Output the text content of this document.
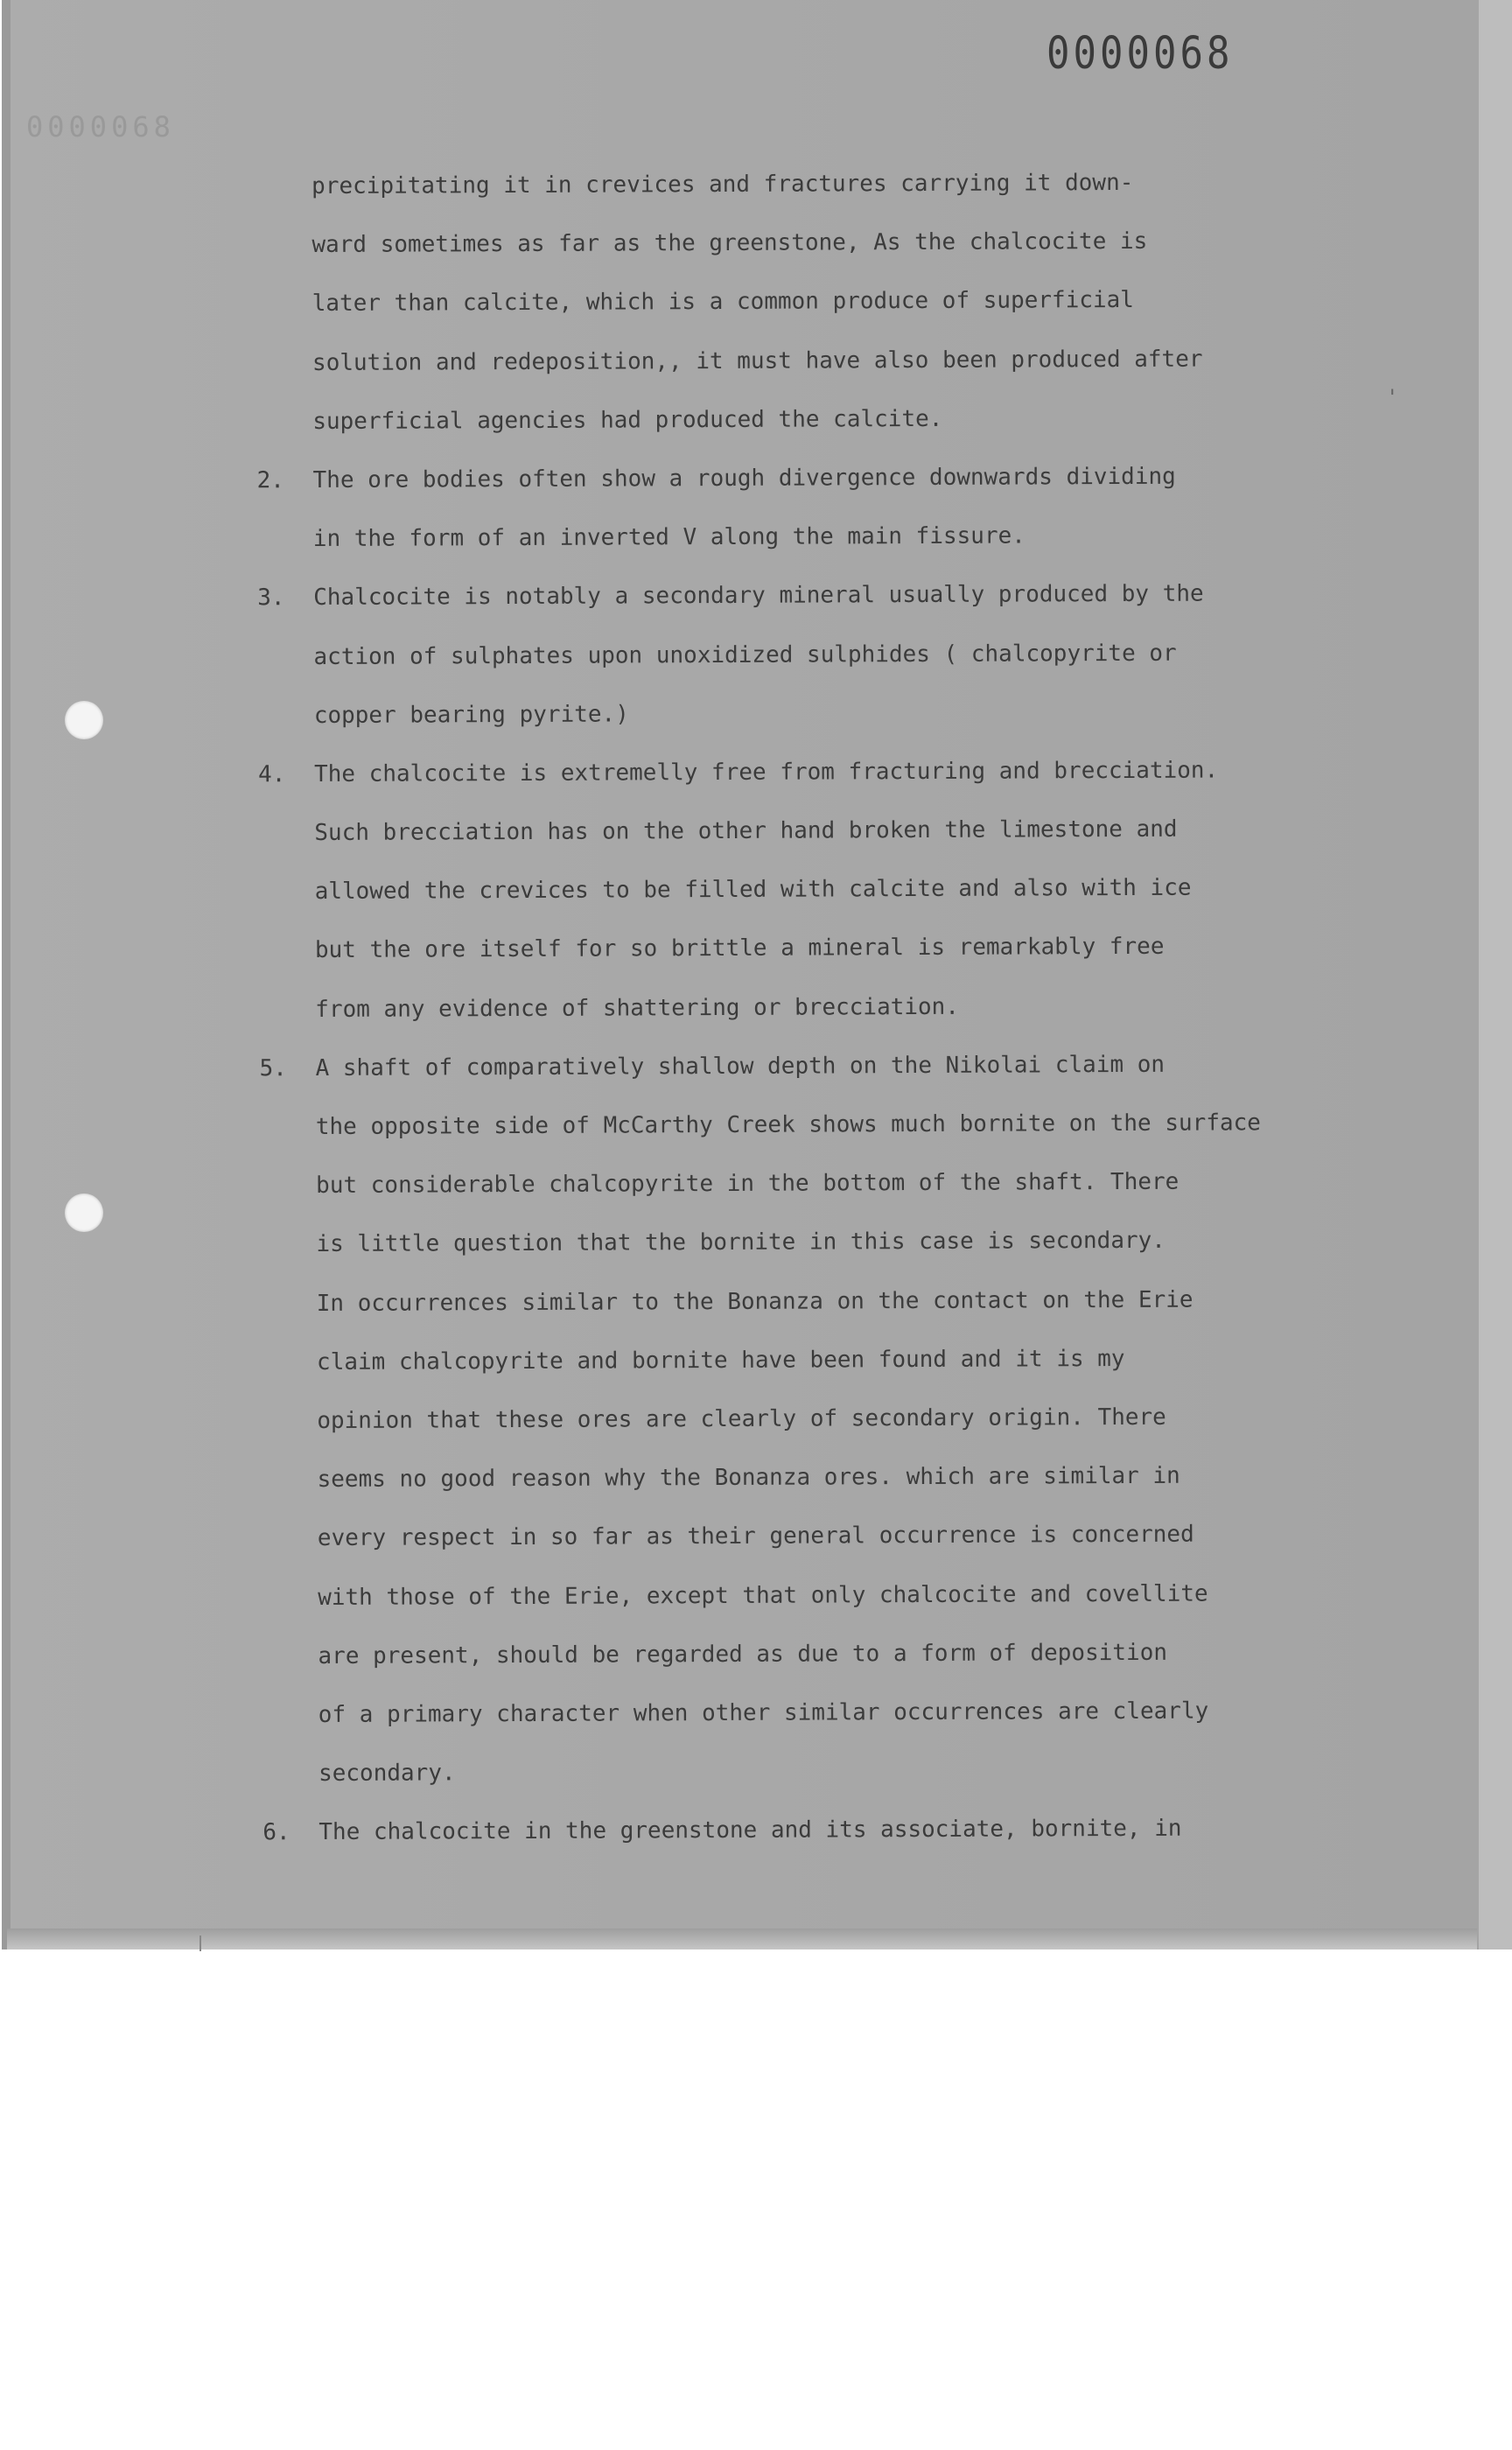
0000068
0000068
'
precipitating it in crevices and fractures carrying it down-
ward sometimes as far as the greenstone, As the chalcocite is
later than calcite, which is a common produce of superficial
solution and redeposition,, it must have also been produced after
superficial agencies had produced the calcite.
2. The ore bodies often show a rough divergence downwards dividing
in the form of an inverted V along the main fissure.
3. Chalcocite is notably a secondary mineral usually produced by the
action of sulphates upon unoxidized sulphides ( chalcopyrite or
copper bearing pyrite.)
4. The chalcocite is extremelly free from fracturing and brecciation.
Such brecciation has on the other hand broken the limestone and
allowed the crevices to be filled with calcite and also with ice
but the ore itself for so brittle a mineral is remarkably free
from any evidence of shattering or brecciation.
5. A shaft of comparatively shallow depth on the Nikolai claim on
the opposite side of McCarthy Creek shows much bornite on the surface
but considerable chalcopyrite in the bottom of the shaft. There
is little question that the bornite in this case is secondary.
In occurrences similar to the Bonanza on the contact on the Erie
claim chalcopyrite and bornite have been found and it is my
opinion that these ores are clearly of secondary origin. There
seems no good reason why the Bonanza ores. which are similar in
every respect in so far as their general occurrence is concerned
with those of the Erie, except that only chalcocite and covellite
are present, should be regarded as due to a form of deposition
of a primary character when other similar occurrences are clearly
secondary.
6. The chalcocite in the greenstone and its associate, bornite, in
